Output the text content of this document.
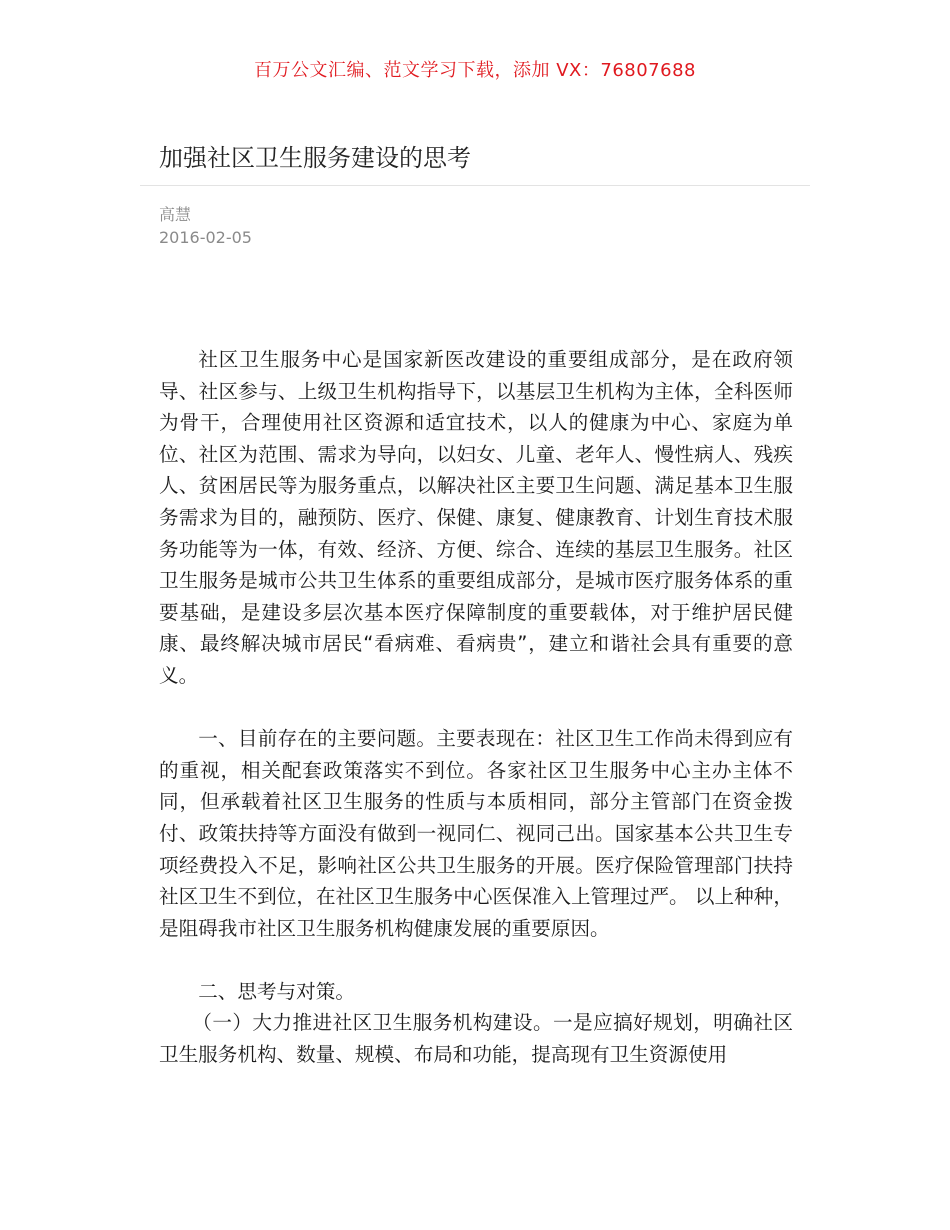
百万公文汇编、范文学习下载，添加 VX：76807688
加强社区卫生服务建设的思考
高慧
2016-02-05

社区卫生服务中心是国家新医改建设的重要组成部分，是在政府领导、社区参与、上级卫生机构指导下，以基层卫生机构为主体，全科医师为骨干，合理使用社区资源和适宜技术，以人的健康为中心、家庭为单位、社区为范围、需求为导向，以妇女、儿童、老年人、慢性病人、残疾人、贫困居民等为服务重点，以解决社区主要卫生问题、满足基本卫生服务需求为目的，融预防、医疗、保健、康复、健康教育、计划生育技术服务功能等为一体，有效、经济、方便、综合、连续的基层卫生服务。社区卫生服务是城市公共卫生体系的重要组成部分，是城市医疗服务体系的重要基础，是建设多层次基本医疗保障制度的重要载体，对于维护居民健康、最终解决城市居民“看病难、看病贵”，建立和谐社会具有重要的意义。

一、目前存在的主要问题。主要表现在：社区卫生工作尚未得到应有的重视，相关配套政策落实不到位。各家社区卫生服务中心主办主体不同，但承载着社区卫生服务的性质与本质相同，部分主管部门在资金拨付、政策扶持等方面没有做到一视同仁、视同己出。国家基本公共卫生专项经费投入不足，影响社区公共卫生服务的开展。医疗保险管理部门扶持社区卫生不到位，在社区卫生服务中心医保准入上管理过严。 以上种种，是阻碍我市社区卫生服务机构健康发展的重要原因。

二、思考与对策。

（一）大力推进社区卫生服务机构建设。一是应搞好规划，明确社区卫生服务机构、数量、规模、布局和功能，提高现有卫生资源使用
